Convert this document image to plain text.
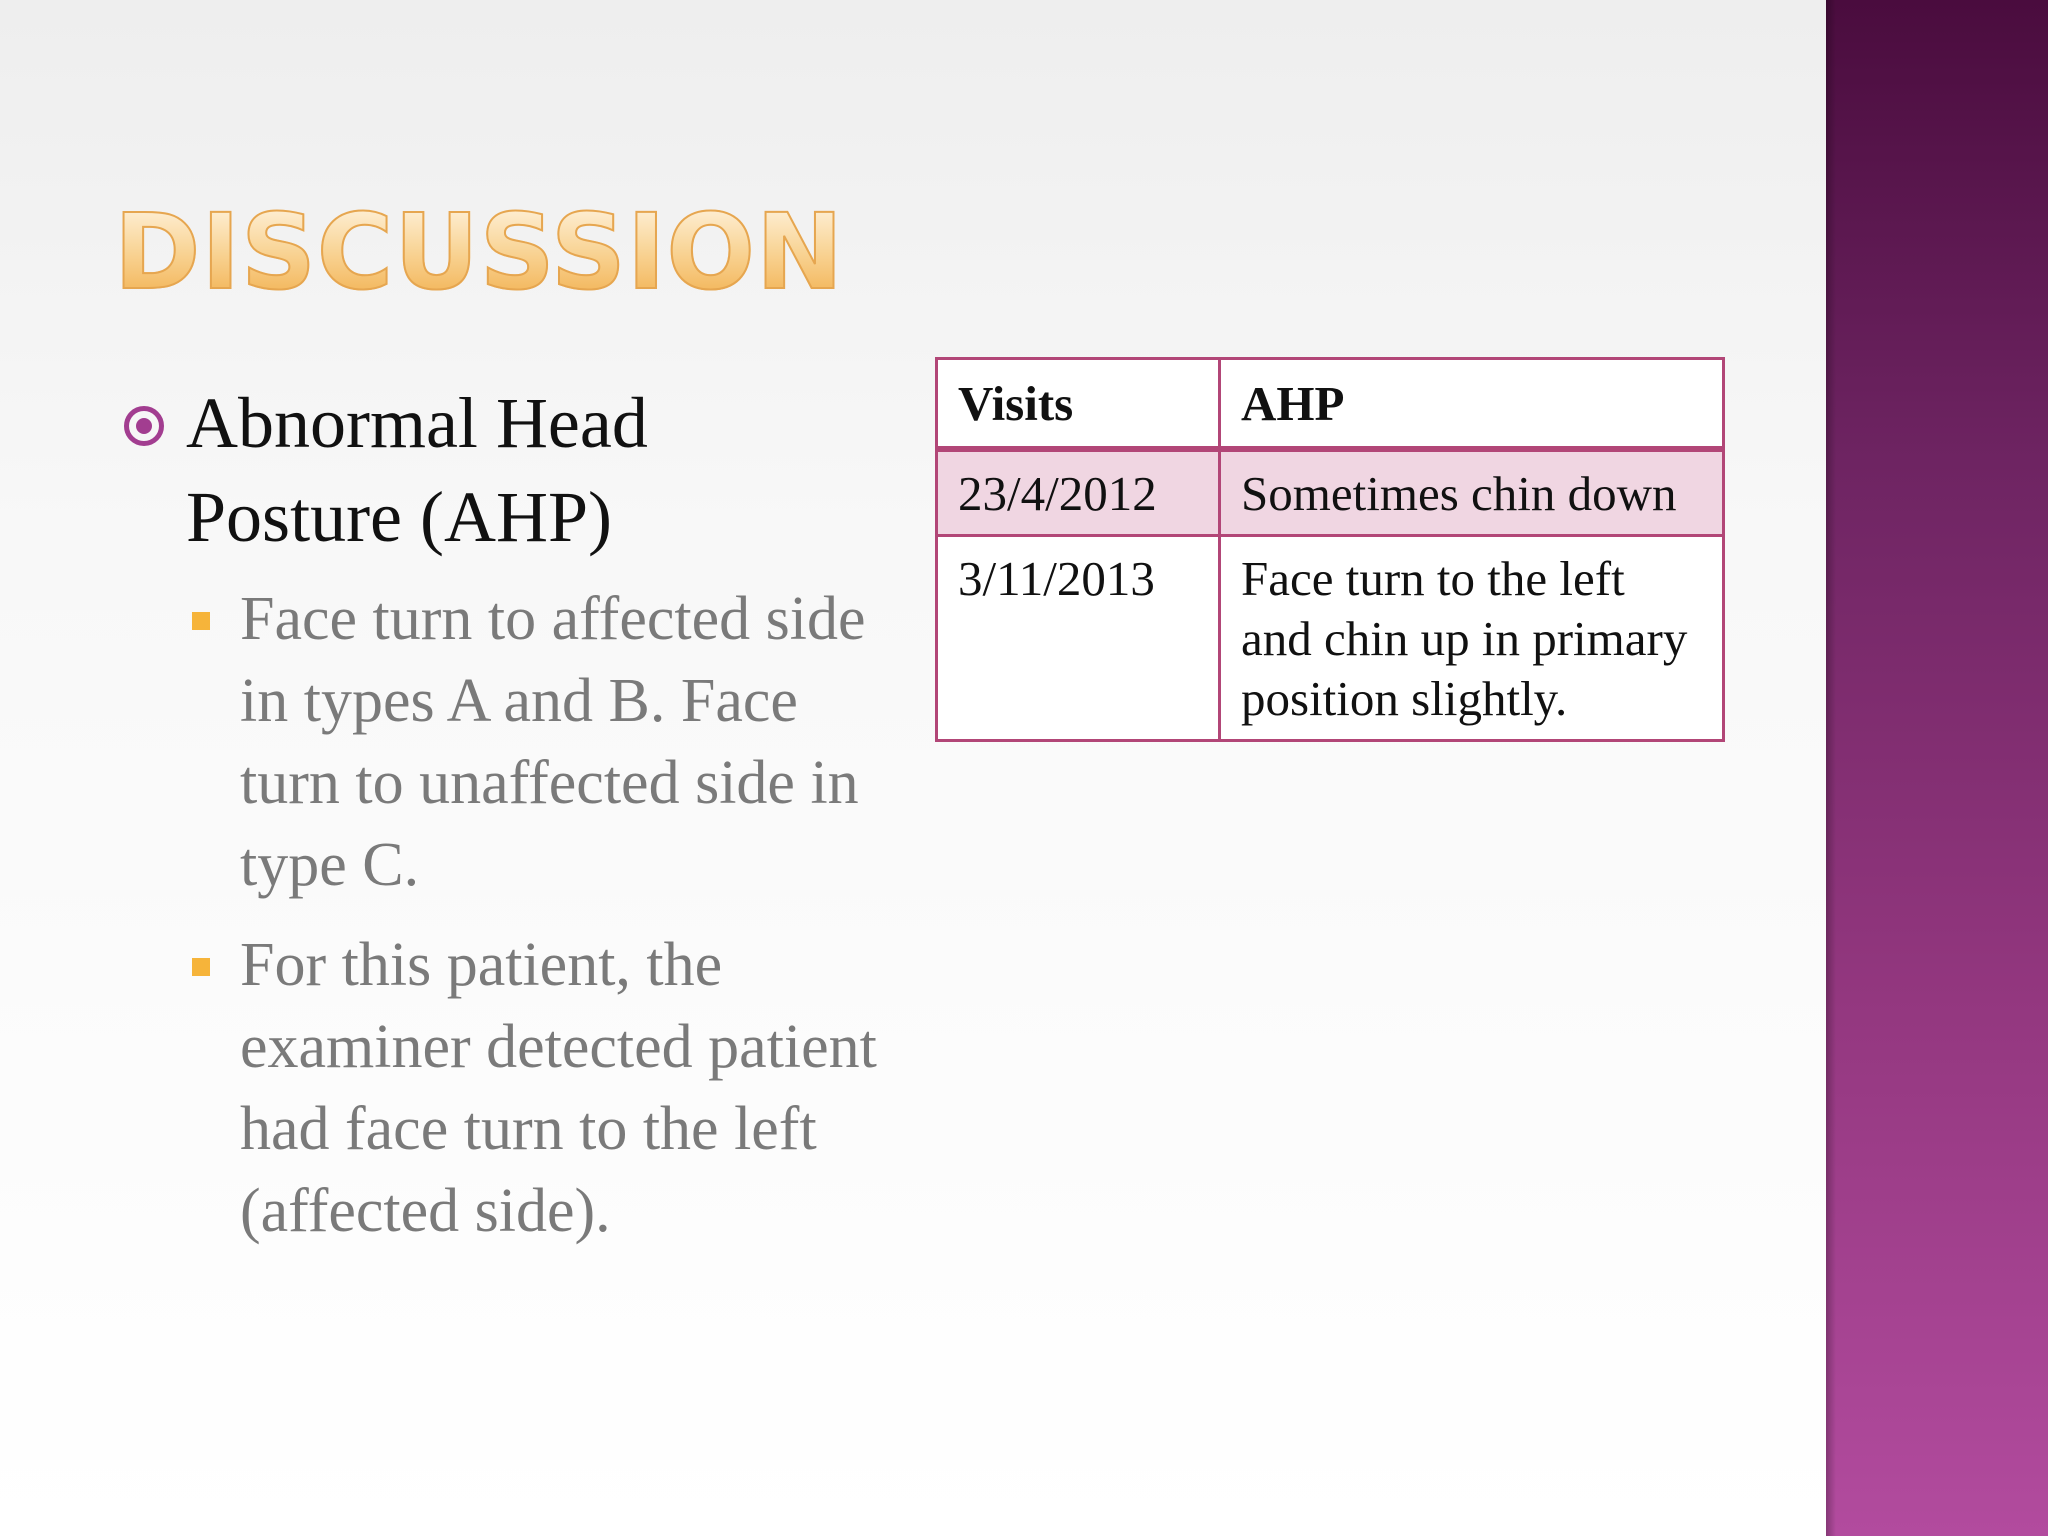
DISCUSSION
Abnormal Head Posture (AHP)
Face turn to affected side in types A and B. Face turn to unaffected side in type C.
For this patient, the examiner detected patient had face turn to the left (affected side).
Visits	AHP
23/4/2012	Sometimes chin down
3/11/2013	Face turn to the left and chin up in primary position slightly.
